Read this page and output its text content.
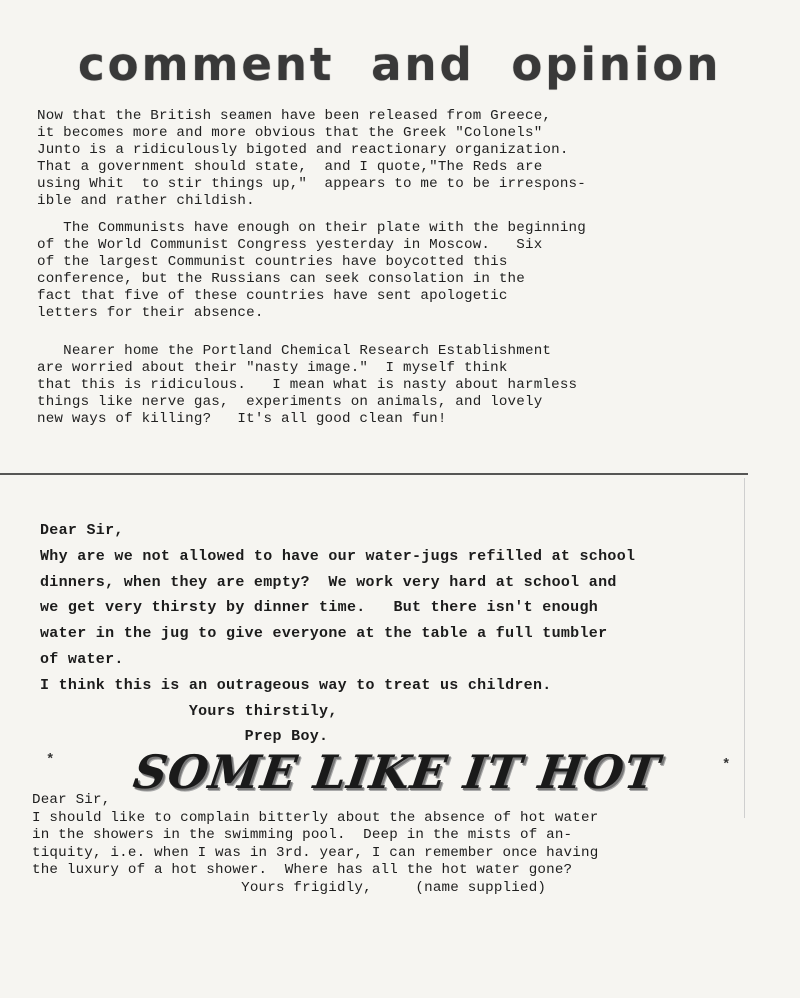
comment and opinion
Now that the British seamen have been released from Greece,
it becomes more and more obvious that the Greek "Colonels"
Junto is a ridiculously bigoted and reactionary organization.
That a government should state,  and I quote,"The Reds are
using Whit  to stir things up,"  appears to me to be irrespons-
ible and rather childish.
The Communists have enough on their plate with the beginning
of the World Communist Congress yesterday in Moscow.   Six
of the largest Communist countries have boycotted this
conference, but the Russians can seek consolation in the
fact that five of these countries have sent apologetic
letters for their absence.
Nearer home the Portland Chemical Research Establishment
are worried about their "nasty image."  I myself think
that this is ridiculous.   I mean what is nasty about harmless
things like nerve gas,  experiments on animals, and lovely
new ways of killing?   It's all good clean fun!
Dear Sir,
Why are we not allowed to have our water-jugs refilled at school
dinners, when they are empty?  We work very hard at school and
we get very thirsty by dinner time.   But there isn't enough
water in the jug to give everyone at the table a full tumbler
of water.
I think this is an outrageous way to treat us children.
Yours thirstily,
Prep Boy.
* SOME LIKE IT HOT	*
Dear Sir,
I should like to complain bitterly about the absence of hot water
in the showers in the swimming pool.  Deep in the mists of an-
tiquity, i.e. when I was in 3rd. year, I can remember once having
the luxury of a hot shower.  Where has all the hot water gone?
Yours frigidly,     (name supplied)
